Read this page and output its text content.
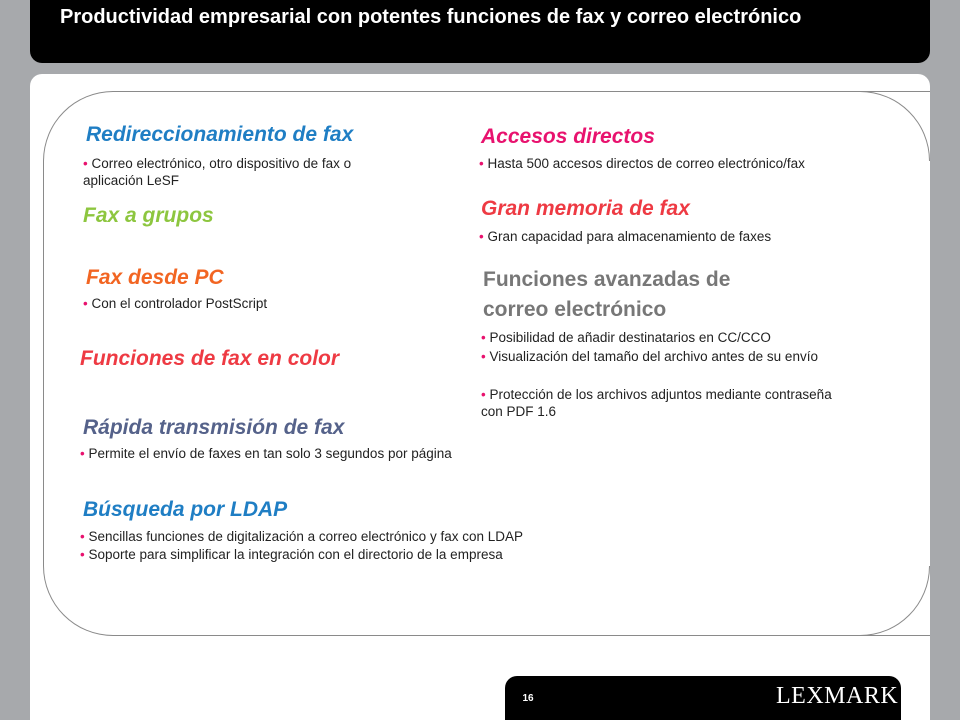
Productividad empresarial con potentes funciones de fax y correo electrónico
Redireccionamiento de fax
• Correo electrónico, otro dispositivo de fax o aplicación LeSF
Fax a grupos
Fax desde PC
• Con el controlador PostScript
Funciones de fax en color
Rápida transmisión de fax
• Permite el envío de faxes en tan solo 3 segundos por página
Búsqueda por LDAP
• Sencillas funciones de digitalización a correo electrónico y fax con LDAP
• Soporte para simplificar la integración con el directorio de la empresa
Accesos directos
• Hasta 500 accesos directos de correo electrónico/fax
Gran memoria de fax
• Gran capacidad para almacenamiento de faxes
Funciones avanzadas de
correo electrónico
• Posibilidad de añadir destinatarios en CC/CCO
• Visualización del tamaño del archivo antes de su envío
• Protección de los archivos adjuntos mediante contraseña con PDF 1.6
16	LEXMARK
